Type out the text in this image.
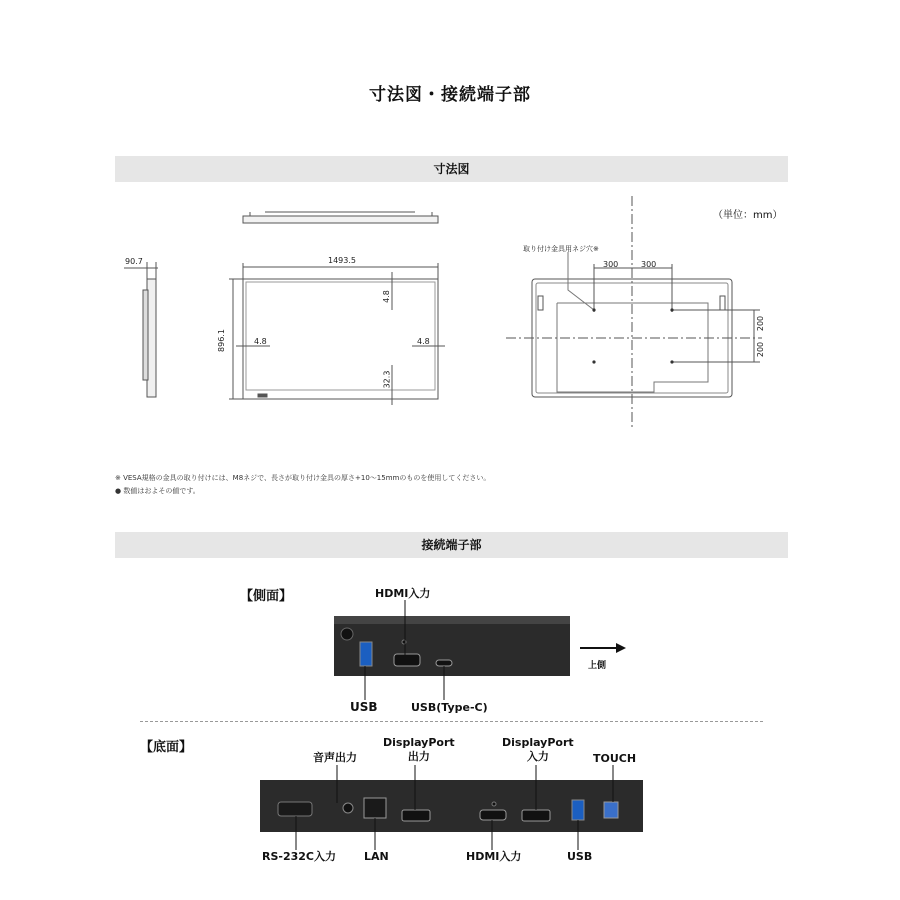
寸法図・接続端子部
寸法図
（単位：mm）
90.7	1493.5
896.1
4.8
4.8	4.8
32.3
取り付け金具用ネジ穴※
300	300
200
200
※ VESA規格の金具の取り付けには、M8ネジで、長さが取り付け金具の厚さ+10～15mmのものを使用してください。
● 数値はおよその値です。
接続端子部
【側面】	HDMI入力
上側
USB	USB(Type-C)
【底面】
音声出力
DisplayPort
出力
DisplayPort
入力	TOUCH
RS-232C入力	LAN	HDMI入力	USB
